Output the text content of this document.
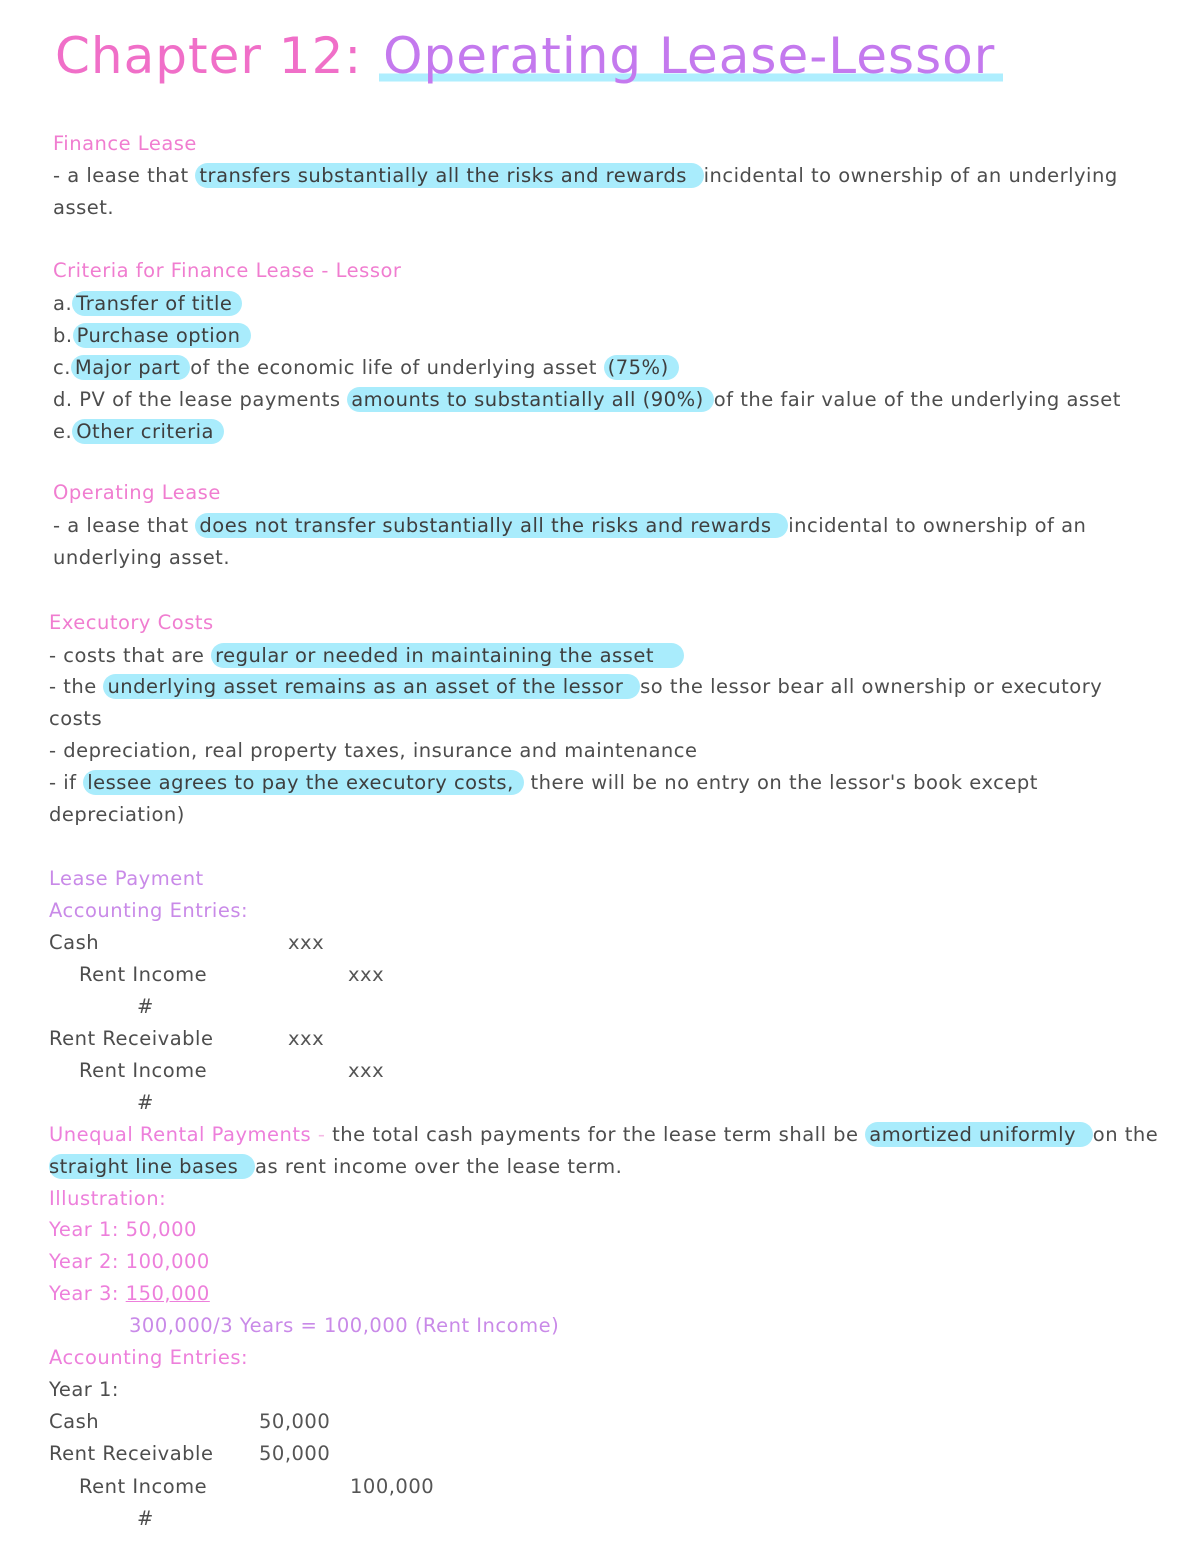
Chapter 12: Operating Lease-Lessor
Finance Lease
- a lease that transfers substantially all the risks and rewards incidental to ownership of an underlying
asset.
Criteria for Finance Lease - Lessor
a. Transfer of title
b. Purchase option
c. Major part of the economic life of underlying asset (75%)
d. PV of the lease payments amounts to substantially all (90%) of the fair value of the underlying asset
e. Other criteria
Operating Lease
- a lease that does not transfer substantially all the risks and rewards incidental to ownership of an
underlying asset.
Executory Costs
- costs that are regular or needed in maintaining the asset
- the underlying asset remains as an asset of the lessor so the lessor bear all ownership or executory
costs
- depreciation, real property taxes, insurance and maintenance
- if lessee agrees to pay the executory costs, there will be no entry on the lessor's book except
depreciation)
Lease Payment
Accounting Entries:
Cash	xxx
Rent Income	xxx
#
Rent Receivable	xxx
Rent Income	xxx
#
Unequal Rental Payments - the total cash payments for the lease term shall be amortized uniformly on the
straight line bases as rent income over the lease term.
Illustration:
Year 1: 50,000
Year 2: 100,000
Year 3: 150,000
300,000/3 Years = 100,000 (Rent Income)
Accounting Entries:
Year 1:
Cash	50,000
Rent Receivable 50,000
Rent Income	100,000
#
